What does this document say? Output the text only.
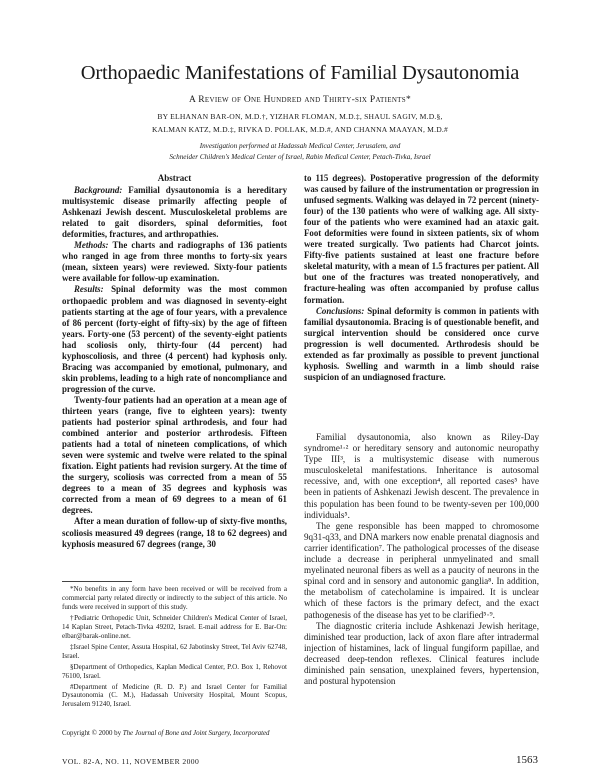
Orthopaedic Manifestations of Familial Dysautonomia
A Review of One Hundred and Thirty-six Patients*
BY ELHANAN BAR-ON, M.D.†, YIZHAR FLOMAN, M.D.‡, SHAUL SAGIV, M.D.§,
KALMAN KATZ, M.D.‡, RIVKA D. POLLAK, M.D.#, AND CHANNA MAAYAN, M.D.#
Investigation performed at Hadassah Medical Center, Jerusalem, and
Schneider Children's Medical Center of Israel, Rabin Medical Center, Petach-Tivka, Israel

Abstract

Background: Familial dysautonomia is a hereditary multisystemic disease primarily affecting people of Ashkenazi Jewish descent. Musculoskeletal problems are related to gait disorders, spinal deformities, foot deformities, fractures, and arthropathies.

Methods: The charts and radiographs of 136 patients who ranged in age from three months to forty-six years (mean, sixteen years) were reviewed. Sixty-four patients were available for follow-up examination.

Results: Spinal deformity was the most common orthopaedic problem and was diagnosed in seventy-eight patients starting at the age of four years, with a prevalence of 86 percent (forty-eight of fifty-six) by the age of fifteen years. Forty-one (53 percent) of the seventy-eight patients had scoliosis only, thirty-four (44 percent) had kyphoscoliosis, and three (4 percent) had kyphosis only. Bracing was accompanied by emotional, pulmonary, and skin problems, leading to a high rate of noncompliance and progression of the curve.

Twenty-four patients had an operation at a mean age of thirteen years (range, five to eighteen years): twenty patients had posterior spinal arthrodesis, and four had combined anterior and posterior arthrodesis. Fifteen patients had a total of nineteen complications, of which seven were systemic and twelve were related to the spinal fixation. Eight patients had revision surgery. At the time of the surgery, scoliosis was corrected from a mean of 55 degrees to a mean of 35 degrees and kyphosis was corrected from a mean of 69 degrees to a mean of 61 degrees.

After a mean duration of follow-up of sixty-five months, scoliosis measured 49 degrees (range, 18 to 62 degrees) and kyphosis measured 67 degrees (range, 30

to 115 degrees). Postoperative progression of the deformity was caused by failure of the instrumentation or progression in unfused segments. Walking was delayed in 72 percent (ninety-four) of the 130 patients who were of walking age. All sixty-four of the patients who were examined had an ataxic gait. Foot deformities were found in sixteen patients, six of whom were treated surgically. Two patients had Charcot joints. Fifty-five patients sustained at least one fracture before skeletal maturity, with a mean of 1.5 fractures per patient. All but one of the fractures was treated nonoperatively, and fracture-healing was often accompanied by profuse callus formation.

Conclusions: Spinal deformity is common in patients with familial dysautonomia. Bracing is of questionable benefit, and surgical intervention should be considered once curve progression is well documented. Arthrodesis should be extended as far proximally as possible to prevent junctional kyphosis. Swelling and warmth in a limb should raise suspicion of an undiagnosed fracture.

Familial dysautonomia, also known as Riley-Day syndrome¹·² or hereditary sensory and autonomic neuropathy Type III³, is a multisystemic disease with numerous musculoskeletal manifestations. Inheritance is autosomal recessive, and, with one exception⁴, all reported cases⁵ have been in patients of Ashkenazi Jewish descent. The prevalence in this population has been found to be twenty-seven per 100,000 individuals⁵.

The gene responsible has been mapped to chromosome 9q31-q33, and DNA markers now enable prenatal diagnosis and carrier identification⁷. The pathological processes of the disease include a decrease in peripheral unmyelinated and small myelinated neuronal fibers as well as a paucity of neurons in the spinal cord and in sensory and autonomic ganglia⁸. In addition, the metabolism of catecholamine is impaired. It is unclear which of these factors is the primary defect, and the exact pathogenesis of the disease has yet to be clarified⁵·⁹.

The diagnostic criteria include Ashkenazi Jewish heritage, diminished tear production, lack of axon flare after intradermal injection of histamines, lack of lingual fungiform papillae, and decreased deep-tendon reflexes. Clinical features include diminished pain sensation, unexplained fevers, hypertension, and postural hypotension

*No benefits in any form have been received or will be received from a commercial party related directly or indirectly to the subject of this article. No funds were received in support of this study.

†Pediatric Orthopedic Unit, Schneider Children's Medical Center of Israel, 14 Kaplan Street, Petach-Tivka 49202, Israel. E-mail address for E. Bar-On: elbar@barak-online.net.

‡Israel Spine Center, Assuta Hospital, 62 Jabotinsky Street, Tel Aviv 62748, Israel.

§Department of Orthopedics, Kaplan Medical Center, P.O. Box 1, Rehovot 76100, Israel.

#Department of Medicine (R. D. P.) and Israel Center for Familial Dysautonomia (C. M.), Hadassah University Hospital, Mount Scopus, Jerusalem 91240, Israel.

Copyright © 2000 by The Journal of Bone and Joint Surgery, Incorporated
VOL. 82-A, NO. 11, NOVEMBER 2000	1563
